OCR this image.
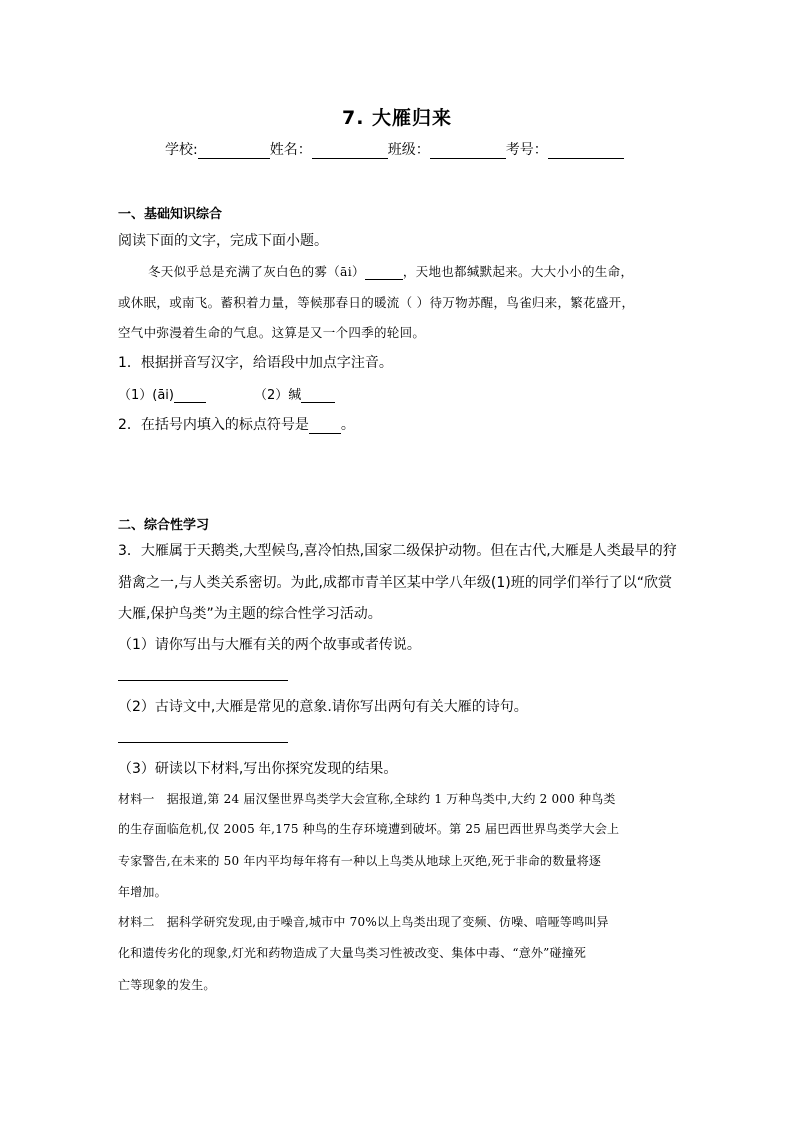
7. 大雁归来
学校:	姓名：	班级：	考号：
一、基础知识综合
阅读下面的文字，完成下面小题。
冬天似乎总是充满了灰白色的雾（āi）	，天地也都缄默起来。大大小小的生命，
或休眠，或南飞。蓄积着力量，等候那春日的暖流（ ）待万物苏醒，鸟雀归来，繁花盛开，
空气中弥漫着生命的气息。这算是又一个四季的轮回。
1．根据拼音写汉字，给语段中加点字注音。
（1）(āi)	（2）缄
2．在括号内填入的标点符号是 。
二、综合性学习
3．大雁属于天鹅类,大型候鸟,喜冷怕热,国家二级保护动物。但在古代,大雁是人类最早的狩
猎禽之一,与人类关系密切。为此,成都市青羊区某中学八年级(1)班的同学们举行了以“欣赏
大雁,保护鸟类”为主题的综合性学习活动。
（1）请你写出与大雁有关的两个故事或者传说。
（2）古诗文中,大雁是常见的意象.请你写出两句有关大雁的诗句。
（3）研读以下材料,写出你探究发现的结果。
材料一　据报道,第 24 届汉堡世界鸟类学大会宣称,全球约 1 万种鸟类中,大约 2 000 种鸟类
的生存面临危机,仅 2005 年,175 种鸟的生存环境遭到破坏。第 25 届巴西世界鸟类学大会上
专家警告,在未来的 50 年内平均每年将有一种以上鸟类从地球上灭绝,死于非命的数量将逐
年增加。
材料二　据科学研究发现,由于噪音,城市中 70%以上鸟类出现了变频、仿噪、喑哑等鸣叫异
化和遗传劣化的现象,灯光和药物造成了大量鸟类习性被改变、集体中毒、“意外”碰撞死
亡等现象的发生。
